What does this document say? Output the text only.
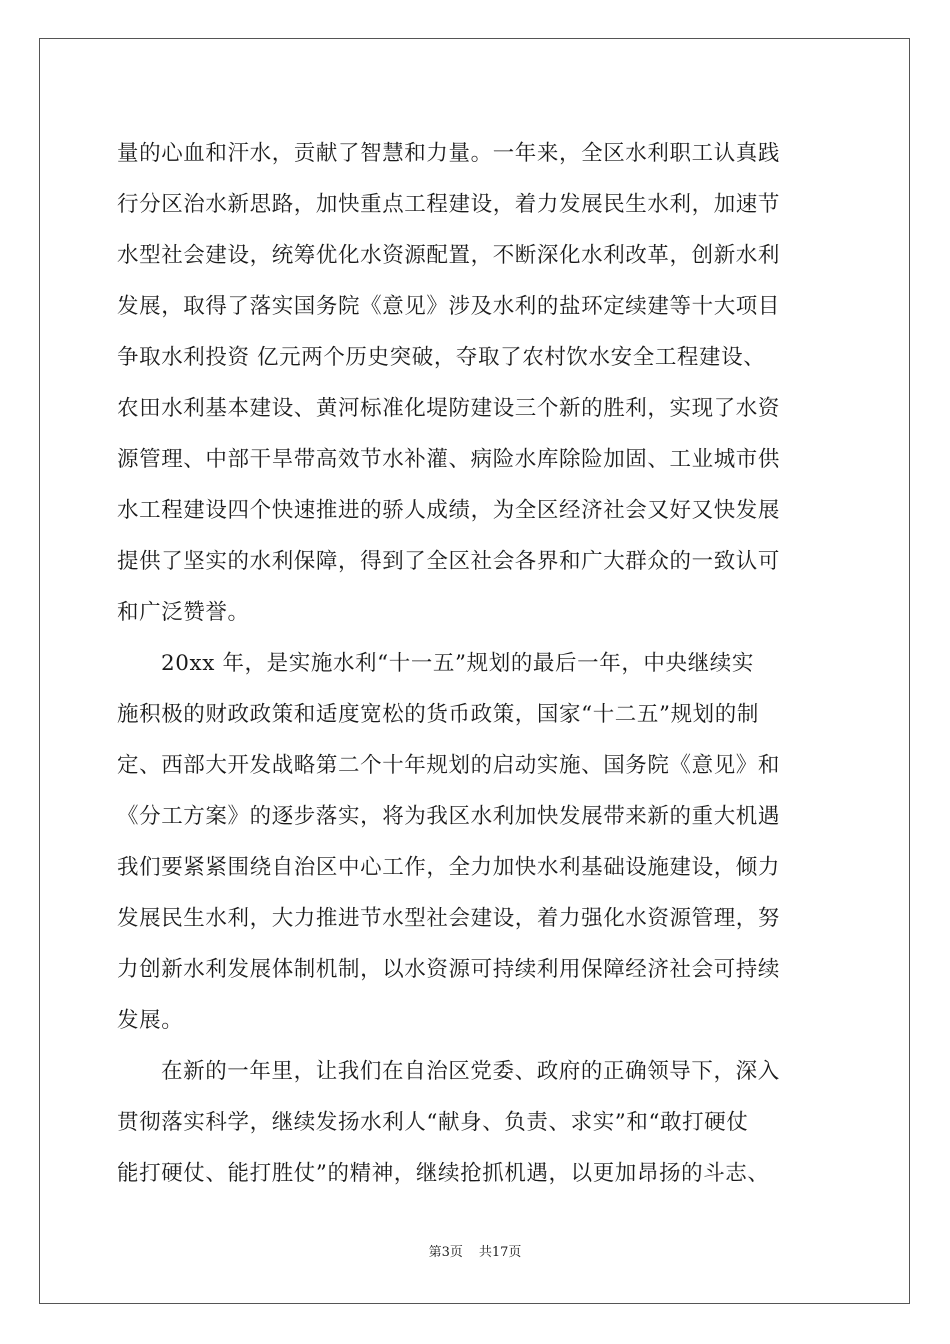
量的心血和汗水，贡献了智慧和力量。一年来，全区水利职工认真践
行分区治水新思路，加快重点工程建设，着力发展民生水利，加速节
水型社会建设，统筹优化水资源配置，不断深化水利改革，创新水利
发展，取得了落实国务院《意见》涉及水利的盐环定续建等十大项目
争取水利投资 亿元两个历史突破，夺取了农村饮水安全工程建设、
农田水利基本建设、黄河标准化堤防建设三个新的胜利，实现了水资
源管理、中部干旱带高效节水补灌、病险水库除险加固、工业城市供
水工程建设四个快速推进的骄人成绩，为全区经济社会又好又快发展
提供了坚实的水利保障，得到了全区社会各界和广大群众的一致认可
和广泛赞誉。
20xx 年，是实施水利“十一五”规划的最后一年，中央继续实
施积极的财政政策和适度宽松的货币政策，国家“十二五”规划的制
定、西部大开发战略第二个十年规划的启动实施、国务院《意见》和
《分工方案》的逐步落实，将为我区水利加快发展带来新的重大机遇
我们要紧紧围绕自治区中心工作，全力加快水利基础设施建设，倾力
发展民生水利，大力推进节水型社会建设，着力强化水资源管理，努
力创新水利发展体制机制，以水资源可持续利用保障经济社会可持续
发展。
在新的一年里，让我们在自治区党委、政府的正确领导下，深入
贯彻落实科学，继续发扬水利人“献身、负责、求实”和“敢打硬仗
能打硬仗、能打胜仗”的精神，继续抢抓机遇，以更加昂扬的斗志、
第3页 共17页
